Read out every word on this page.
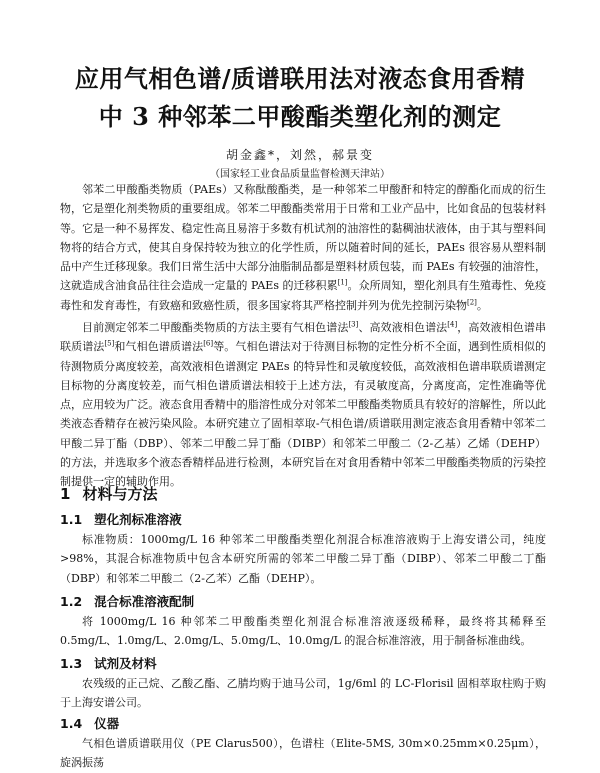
应用气相色谱/质谱联用法对液态食用香精
中 3 种邻苯二甲酸酯类塑化剂的测定
胡金鑫*，刘然，郝景变
（国家轻工业食品质量监督检测天津站）
邻苯二甲酸酯类物质（PAEs）又称酞酸酯类，是一种邻苯二甲酸酐和特定的醇酯化而成的衍生物，它是塑化剂类物质的重要组成。邻苯二甲酸酯类常用于日常和工业产品中，比如食品的包装材料等。它是一种不易挥发、稳定性高且易溶于多数有机试剂的油溶性的黏稠油状液体，由于其与塑料间物将的结合方式，使其自身保持较为独立的化学性质，所以随着时间的延长，PAEs 很容易从塑料制品中产生迁移现象。我们日常生活中大部分油脂制品都是塑料材质包装，而 PAEs 有较强的油溶性，这就造成含油食品往往会造成一定量的 PAEs 的迁移积累[1]。众所周知，塑化剂具有生殖毒性、免疫毒性和发育毒性，有致癌和致癌性质，很多国家将其严格控制并列为优先控制污染物[2]。
目前测定邻苯二甲酸酯类物质的方法主要有气相色谱法[3]、高效液相色谱法[4]，高效液相色谱串联质谱法[5]和气相色谱质谱法[6]等。气相色谱法对于待测目标物的定性分析不全面，遇到性质相似的待测物质分离度较差，高效液相色谱测定 PAEs 的特异性和灵敏度较低，高效液相色谱串联质谱测定目标物的分离度较差，而气相色谱质谱法相较于上述方法，有灵敏度高，分离度高，定性准确等优点，应用较为广泛。液态食用香精中的脂溶性成分对邻苯二甲酸酯类物质具有较好的溶解性，所以此类液态香精存在被污染风险。本研究建立了固相萃取-气相色谱/质谱联用测定液态食用香精中邻苯二甲酸二异丁酯（DBP）、邻苯二甲酸二异丁酯（DIBP）和邻苯二甲酸二（2-乙基）乙烯（DEHP）的方法，并选取多个液态香精样品进行检测，本研究旨在对食用香精中邻苯二甲酸酯类物质的污染控制提供一定的辅助作用。
1 材料与方法
1.1 塑化剂标准溶液
标准物质：1000mg/L 16 种邻苯二甲酸酯类塑化剂混合标准溶液购于上海安谱公司，纯度>98%，其混合标准物质中包含本研究所需的邻苯二甲酸二异丁酯（DIBP）、邻苯二甲酸二丁酯（DBP）和邻苯二甲酸二（2-乙苯）乙酯（DEHP）。
1.2 混合标准溶液配制
将 1000mg/L 16 种邻苯二甲酸酯类塑化剂混合标准溶液逐级稀释，最终将其稀释至 0.5mg/L、1.0mg/L、2.0mg/L、5.0mg/L、10.0mg/L 的混合标准溶液，用于制备标准曲线。
1.3 试剂及材料
农残级的正己烷、乙酸乙酯、乙腈均购于迪马公司，1g/6ml 的 LC-Florisil 固相萃取柱购于购于上海安谱公司。
1.4 仪器
气相色谱质谱联用仪（PE Clarus500），色谱柱（Elite-5MS, 30m×0.25mm×0.25μm），旋涡振荡
